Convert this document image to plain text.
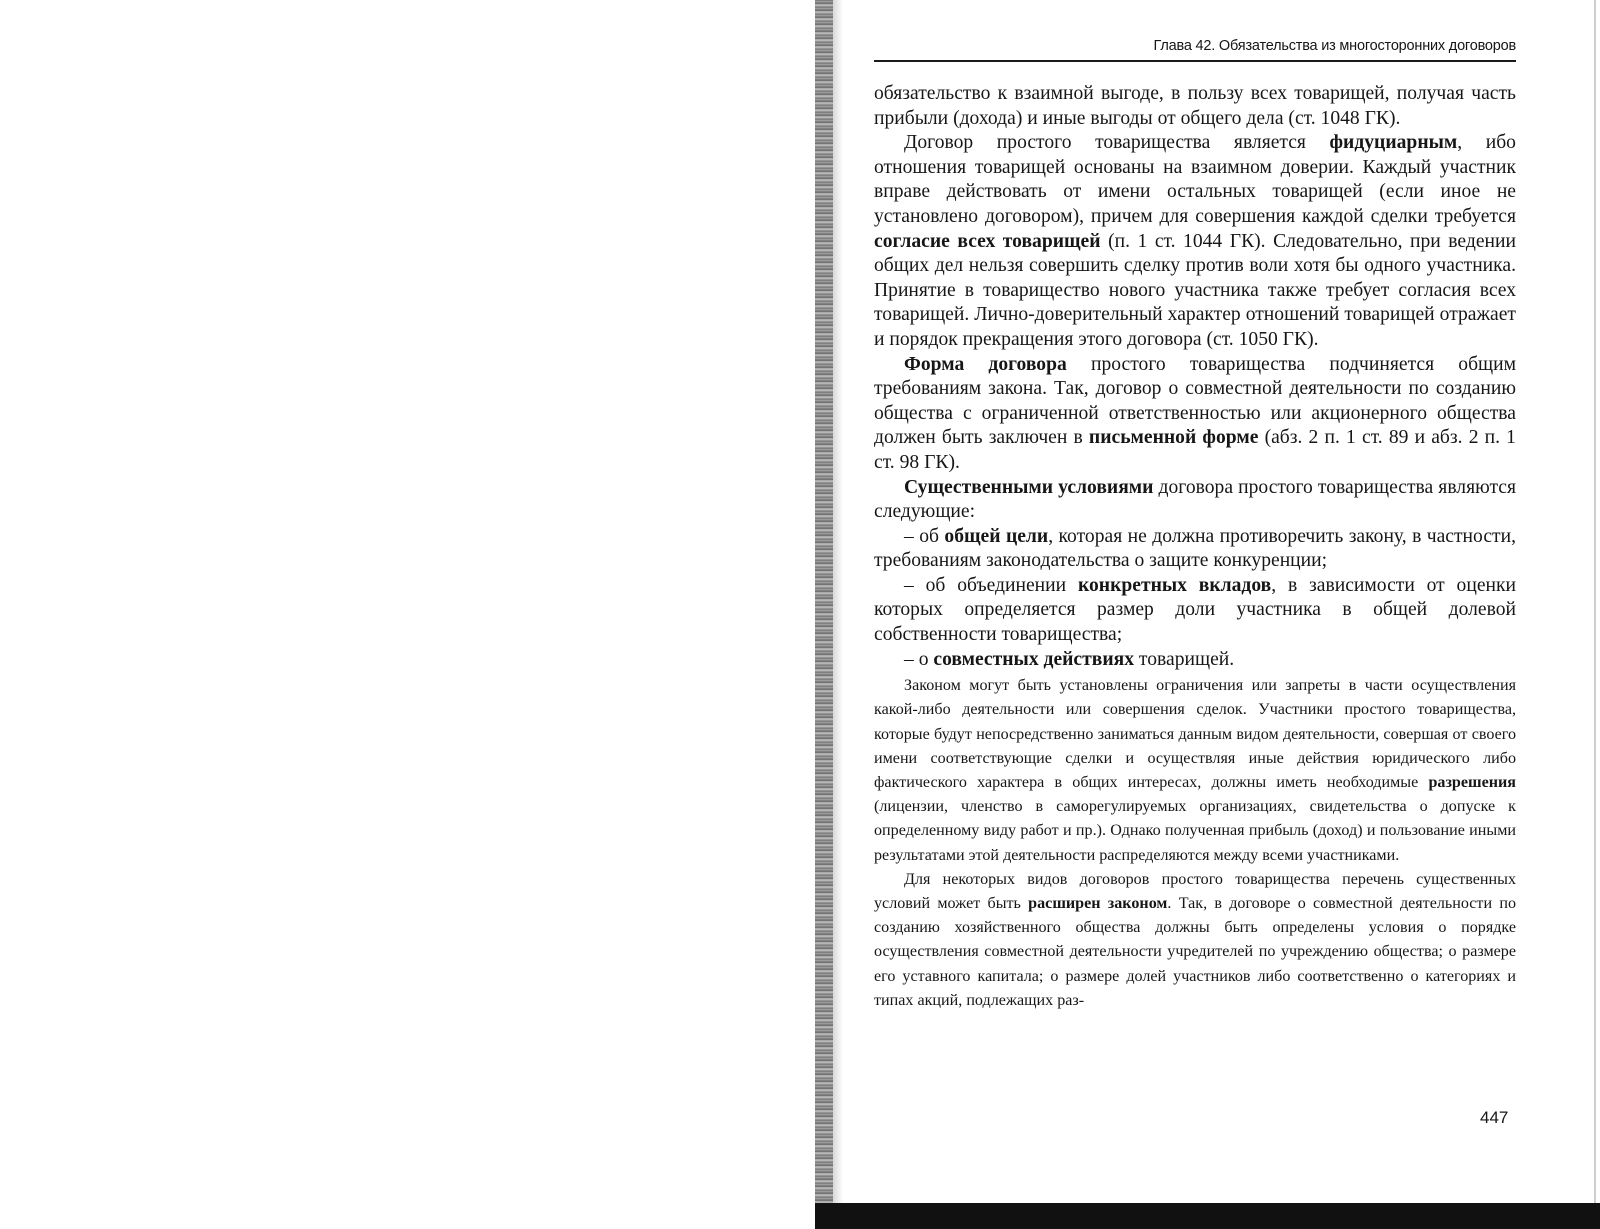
Глава 42. Обязательства из многосторонних договоров

обязательство к взаимной выгоде, в пользу всех товарищей, получая часть прибыли (дохода) и иные выгоды от общего дела (ст. 1048 ГК).

Договор простого товарищества является фидуциарным, ибо отношения товарищей основаны на взаимном доверии. Каждый участник вправе действовать от имени остальных товарищей (если иное не установлено договором), причем для совершения каждой сделки требуется согласие всех товарищей (п. 1 ст. 1044 ГК). Следовательно, при ведении общих дел нельзя совершить сделку против воли хотя бы одного участника. Принятие в товарищество нового участника также требует согласия всех товарищей. Лично-доверительный характер отношений товарищей отражает и порядок прекращения этого договора (ст. 1050 ГК).

Форма договора простого товарищества подчиняется общим требованиям закона. Так, договор о совместной деятельности по созданию общества с ограниченной ответственностью или акционерного общества должен быть заключен в письменной форме (абз. 2 п. 1 ст. 89 и абз. 2 п. 1 ст. 98 ГК).

Существенными условиями договора простого товарищества являются следующие:

– об общей цели, которая не должна противоречить закону, в частности, требованиям законодательства о защите конкуренции;

– об объединении конкретных вкладов, в зависимости от оценки которых определяется размер доли участника в общей долевой собственности товарищества;

– о совместных действиях товарищей.

Законом могут быть установлены ограничения или запреты в части осуществления какой-либо деятельности или совершения сделок. Участники простого товарищества, которые будут непосредственно заниматься данным видом деятельности, совершая от своего имени соответствующие сделки и осуществляя иные действия юридического либо фактического характера в общих интересах, должны иметь необходимые разрешения (лицензии, членство в саморегулируемых организациях, свидетельства о допуске к определенному виду работ и пр.). Однако полученная прибыль (доход) и пользование иными результатами этой деятельности распределяются между всеми участниками.

Для некоторых видов договоров простого товарищества перечень существенных условий может быть расширен законом. Так, в договоре о совместной деятельности по созданию хозяйственного общества должны быть определены условия о порядке осуществления совместной деятельности учредителей по учреждению общества; о размере его уставного капитала; о размере долей участников либо соответственно о категориях и типах акций, подлежащих раз-

447
